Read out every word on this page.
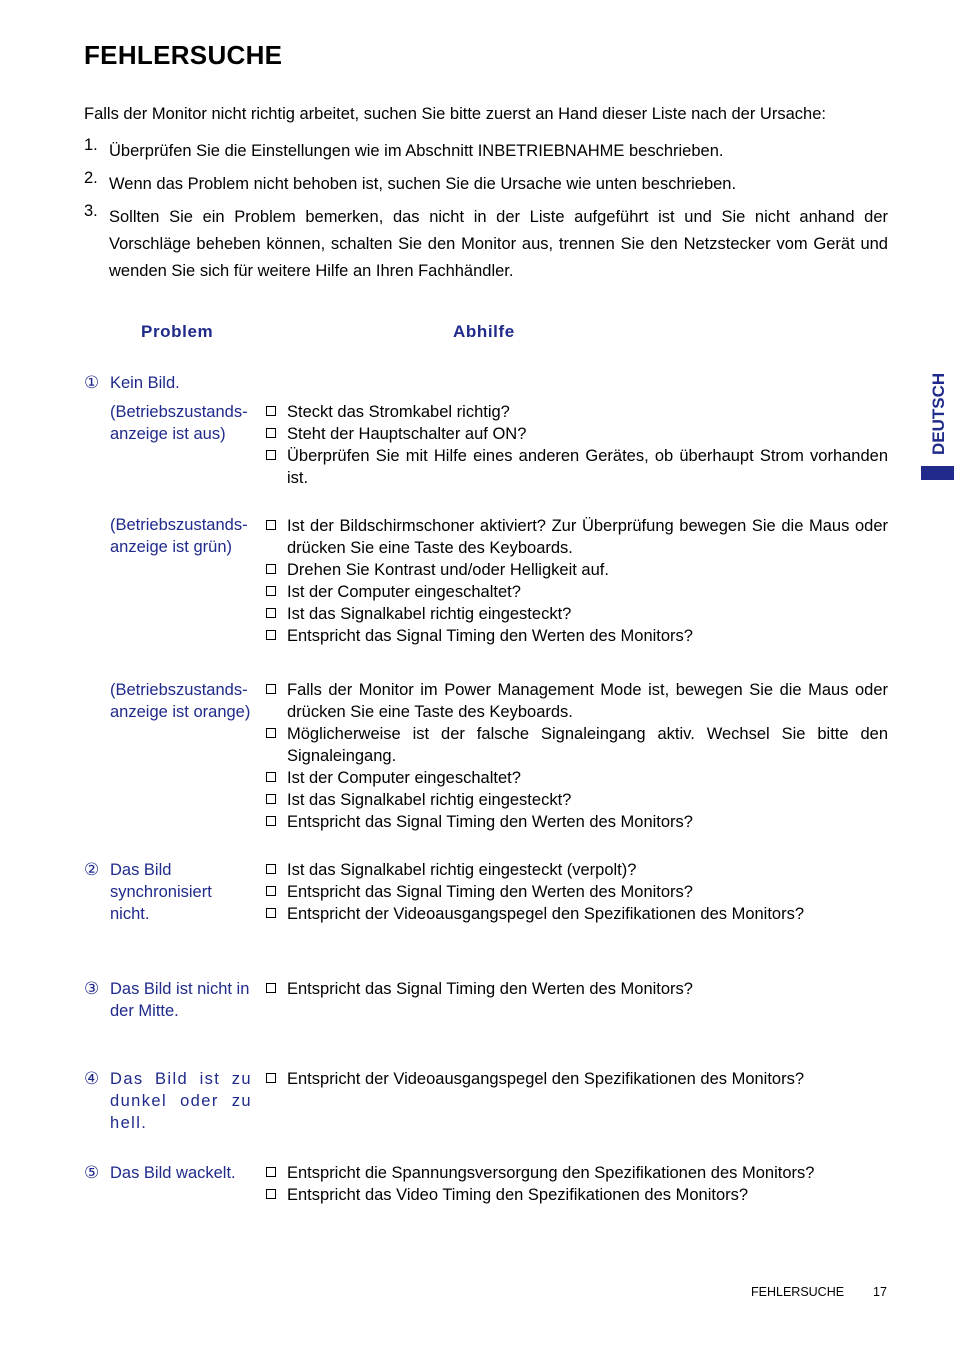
FEHLERSUCHE
Falls der Monitor nicht richtig arbeitet, suchen Sie bitte zuerst an Hand dieser Liste nach der Ursache:
1. Überprüfen Sie die Einstellungen wie im Abschnitt INBETRIEBNAHME beschrieben.
2. Wenn das Problem nicht behoben ist, suchen Sie die Ursache wie unten beschrieben.
3. Sollten Sie ein Problem bemerken, das nicht in der Liste aufgeführt ist und Sie nicht anhand der Vorschläge beheben können, schalten Sie den Monitor aus, trennen Sie den Netzstecker vom Gerät und wenden Sie sich für weitere Hilfe an Ihren Fachhändler.
Problem	Abhilfe
① Kein Bild.
(Betriebszustands-anzeige ist aus)
Steckt das Stromkabel richtig?
Steht der Hauptschalter auf ON?
Überprüfen Sie mit Hilfe eines anderen Gerätes, ob überhaupt Strom vorhanden ist.
(Betriebszustands-anzeige ist grün)
Ist der Bildschirmschoner aktiviert? Zur Überprüfung bewegen Sie die Maus oder drücken Sie eine Taste des Keyboards.
Drehen Sie Kontrast und/oder Helligkeit auf.
Ist der Computer eingeschaltet?
Ist das Signalkabel richtig eingesteckt?
Entspricht das Signal Timing den Werten des Monitors?
(Betriebszustands-anzeige ist orange)
Falls der Monitor im Power Management Mode ist, bewegen Sie die Maus oder drücken Sie eine Taste des Keyboards.
Möglicherweise ist der falsche Signaleingang aktiv. Wechsel Sie bitte den Signaleingang.
Ist der Computer eingeschaltet?
Ist das Signalkabel richtig eingesteckt?
Entspricht das Signal Timing den Werten des Monitors?
② Das Bild synchronisiert nicht.
Ist das Signalkabel richtig eingesteckt (verpolt)?
Entspricht das Signal Timing den Werten des Monitors?
Entspricht der Videoausgangspegel den Spezifikationen des Monitors?
③ Das Bild ist nicht in der Mitte.
Entspricht das Signal Timing den Werten des Monitors?
④ Das Bild ist zu dunkel oder zu hell.
Entspricht der Videoausgangspegel den Spezifikationen des Monitors?
⑤ Das Bild wackelt.	Entspricht die Spannungsversorgung den Spezifikationen des Monitors?
Entspricht das Video Timing den Spezifikationen des Monitors?
DEUTSCH
FEHLERSUCHE 17
